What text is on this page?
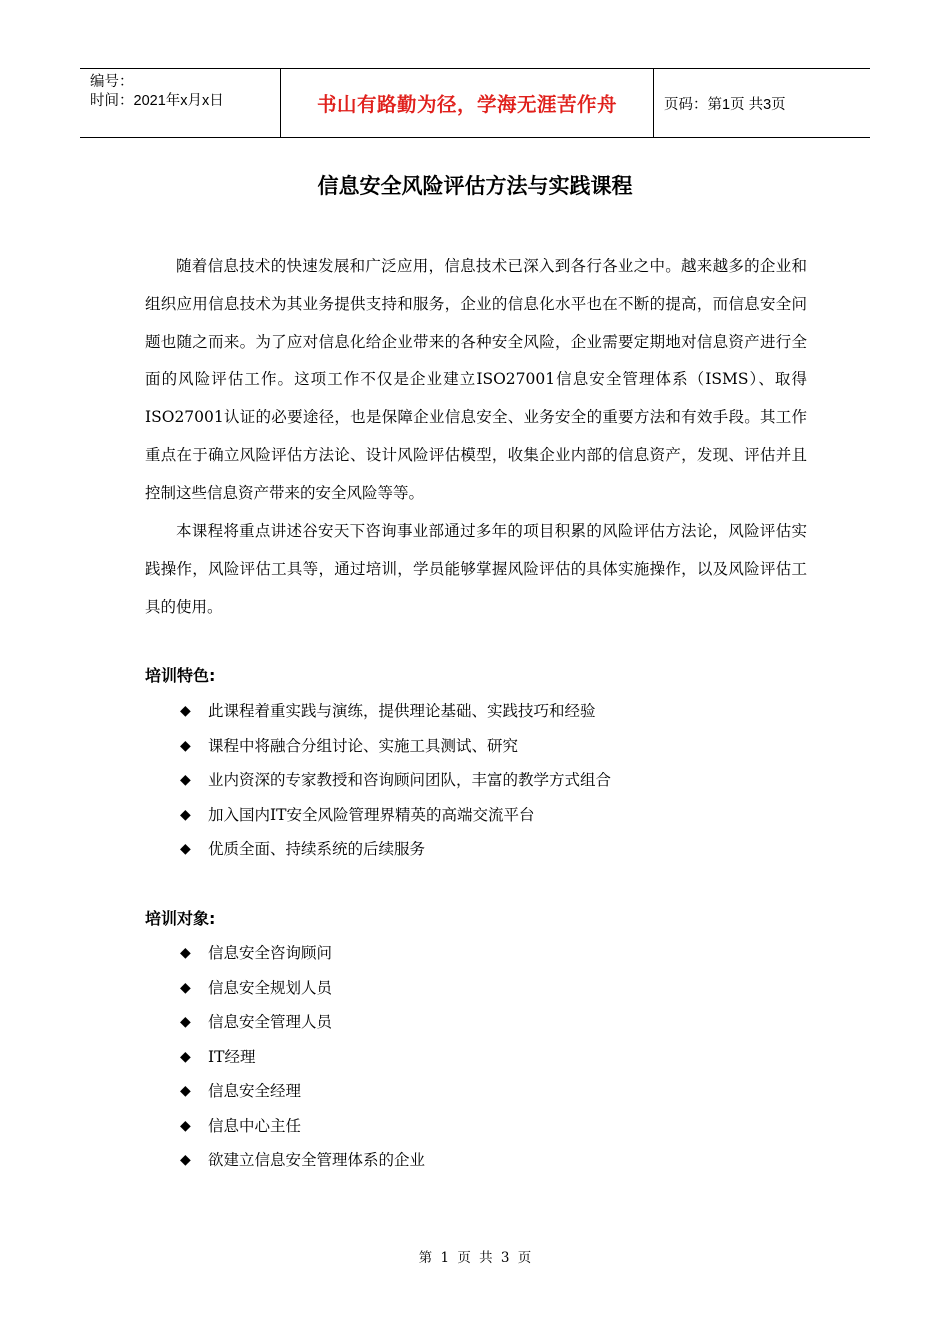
编号：
时间：2021年x月x日	书山有路勤为径，学海无涯苦作舟	页码：第1页 共3页
信息安全风险评估方法与实践课程

随着信息技术的快速发展和广泛应用，信息技术已深入到各行各业之中。越来越多的企业和组织应用信息技术为其业务提供支持和服务，企业的信息化水平也在不断的提高，而信息安全问题也随之而来。为了应对信息化给企业带来的各种安全风险，企业需要定期地对信息资产进行全面的风险评估工作。这项工作不仅是企业建立ISO27001信息安全管理体系（ISMS）、取得ISO27001认证的必要途径，也是保障企业信息安全、业务安全的重要方法和有效手段。其工作重点在于确立风险评估方法论、设计风险评估模型，收集企业内部的信息资产，发现、评估并且控制这些信息资产带来的安全风险等等。

本课程将重点讲述谷安天下咨询事业部通过多年的项目积累的风险评估方法论，风险评估实践操作，风险评估工具等，通过培训，学员能够掌握风险评估的具体实施操作，以及风险评估工具的使用。

培训特色:
◆	此课程着重实践与演练，提供理论基础、实践技巧和经验
◆	课程中将融合分组讨论、实施工具测试、研究
◆	业内资深的专家教授和咨询顾问团队，丰富的教学方式组合
◆	加入国内IT安全风险管理界精英的高端交流平台
◆	优质全面、持续系统的后续服务
培训对象:
◆	信息安全咨询顾问
◆	信息安全规划人员
◆	信息安全管理人员
◆	IT经理
◆	信息安全经理
◆	信息中心主任
◆	欲建立信息安全管理体系的企业
第 1 页 共 3 页
